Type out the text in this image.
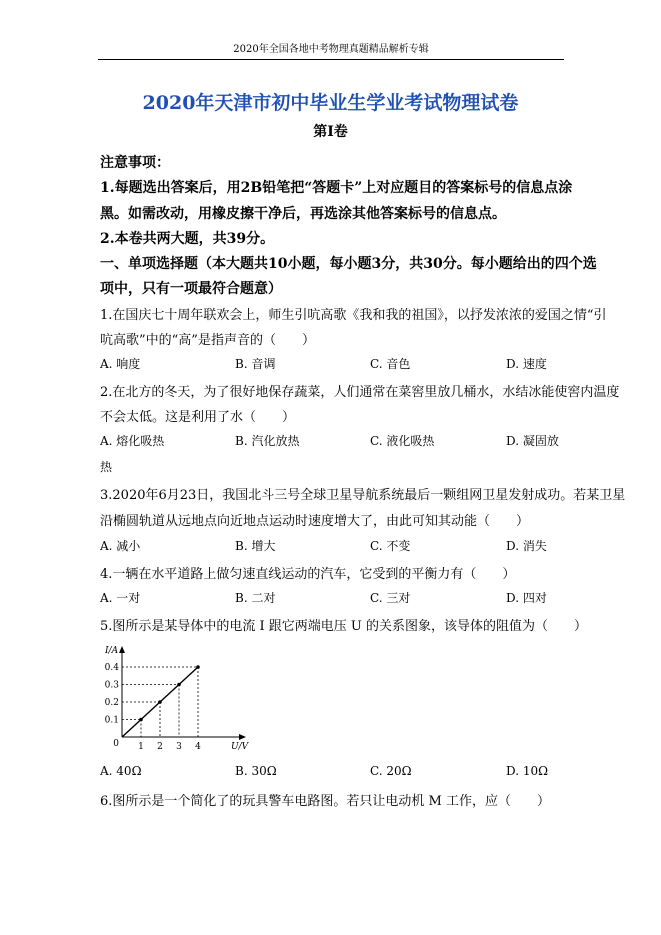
2020年全国各地中考物理真题精品解析专辑
2020年天津市初中毕业生学业考试物理试卷
第Ⅰ卷
注意事项：
1.每题选出答案后，用2B铅笔把“答题卡”上对应题目的答案标号的信息点涂
黑。如需改动，用橡皮擦干净后，再选涂其他答案标号的信息点。
2.本卷共两大题，共39分。
一、单项选择题（本大题共10小题，每小题3分，共30分。每小题给出的四个选
项中，只有一项最符合题意）
1.在国庆七十周年联欢会上，师生引吭高歌《我和我的祖国》，以抒发浓浓的爱国之情“引
吭高歌”中的“高”是指声音的（　　）
A. 响度	B. 音调	C. 音色	D. 速度
2.在北方的冬天，为了很好地保存蔬菜，人们通常在菜窖里放几桶水，水结冰能使窖内温度
不会太低。这是利用了水（　　）
A. 熔化吸热	B. 汽化放热	C. 液化吸热	D. 凝固放
热
3.2020年6月23日，我国北斗三号全球卫星导航系统最后一颗组网卫星发射成功。若某卫星
沿椭圆轨道从远地点向近地点运动时速度增大了，由此可知其动能（　　）
A. 减小	B. 增大	C. 不变	D. 消失
4.一辆在水平道路上做匀速直线运动的汽车，它受到的平衡力有（　　）
A. 一对	B. 二对	C. 三对	D. 四对
5.图所示是某导体中的电流 I 跟它两端电压 U 的关系图象，该导体的阻值为（　　）
1 2 3 4
0.1
0.2
0.3
0.4
0
I/A
U/V
A. 40Ω	B. 30Ω	C. 20Ω	D. 10Ω
6.图所示是一个简化了的玩具警车电路图。若只让电动机 M 工作，应（　　）
